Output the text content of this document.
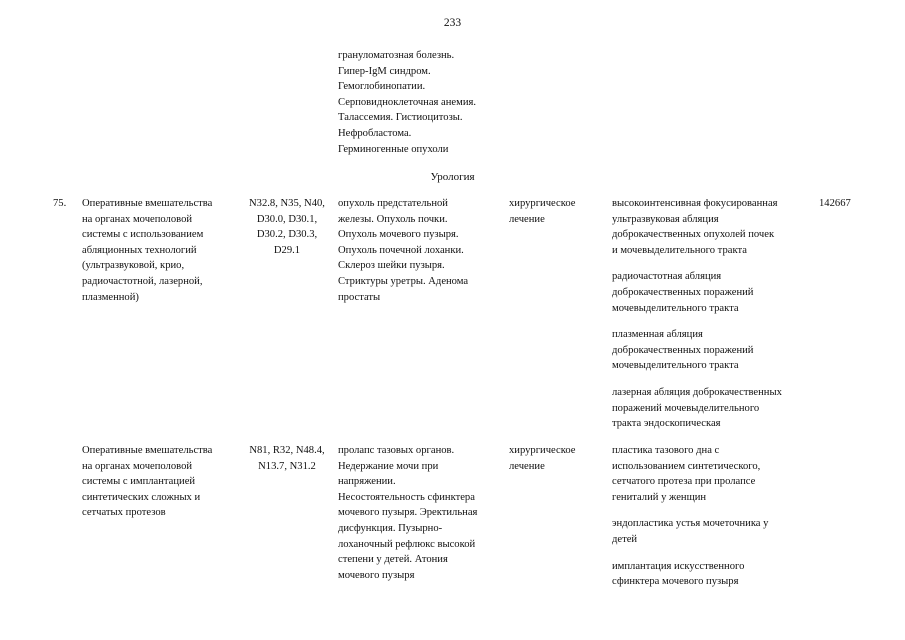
233
грануломатозная болезнь.
Гипер-IgM синдром.
Гемоглобинопатии.
Серповидноклеточная анемия.
Талассемия. Гистиоцитозы.
Нефробластома.
Герминогенные опухоли
Урология
75.	Оперативные вмешательства
на органах мочеполовой
системы с использованием
абляционных технологий
(ультразвуковой, крио,
радиочастотной, лазерной,
плазменной)
N32.8, N35, N40,
D30.0, D30.1,
D30.2, D30.3,
D29.1
опухоль предстательной
железы. Опухоль почки.
Опухоль мочевого пузыря.
Опухоль почечной лоханки.
Склероз шейки пузыря.
Стриктуры уретры. Аденома
простаты
хирургическое
лечение
высокоинтенсивная фокусированная
ультразвуковая абляция
доброкачественных опухолей почек
и мочевыделительного тракта
радиочастотная абляция
доброкачественных поражений
мочевыделительного тракта
плазменная абляция
доброкачественных поражений
мочевыделительного тракта
лазерная абляция доброкачественных
поражений мочевыделительного
тракта эндоскопическая
142667
Оперативные вмешательства
на органах мочеполовой
системы с имплантацией
синтетических сложных и
сетчатых протезов
N81, R32, N48.4,
N13.7, N31.2
пролапс тазовых органов.
Недержание мочи при
напряжении.
Несостоятельность сфинктера
мочевого пузыря. Эректильная
дисфункция. Пузырно-
лоханочный рефлюкс высокой
степени у детей. Атония
мочевого пузыря
хирургическое
лечение
пластика тазового дна с
использованием синтетического,
сетчатого протеза при пролапсе
гениталий у женщин
эндопластика устья мочеточника у
детей
имплантация искусственного
сфинктера мочевого пузыря
